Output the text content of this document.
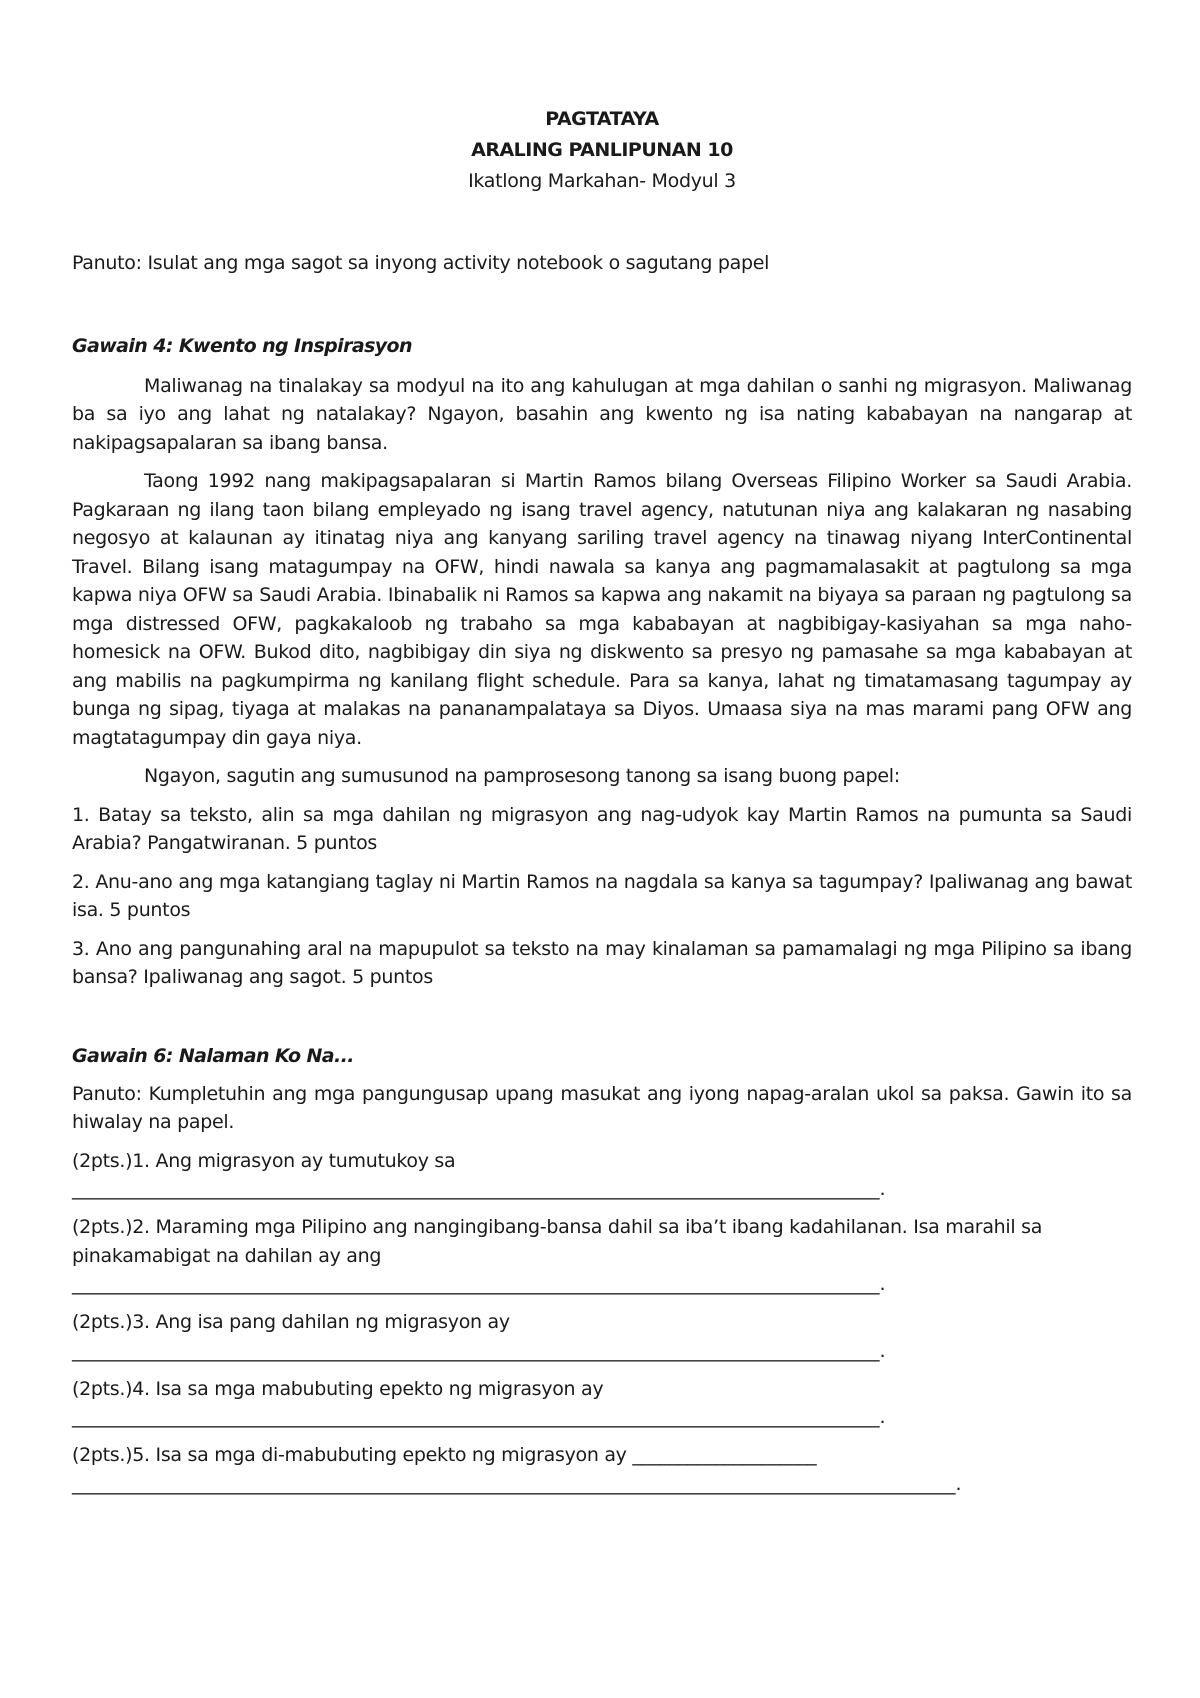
PAGTATAYA
ARALING PANLIPUNAN 10
Ikatlong Markahan- Modyul 3

Panuto: Isulat ang mga sagot sa inyong activity notebook o sagutang papel

Gawain 4: Kwento ng Inspirasyon

Maliwanag na tinalakay sa modyul na ito ang kahulugan at mga dahilan o sanhi ng migrasyon. Maliwanag ba sa iyo ang lahat ng natalakay? Ngayon, basahin ang kwento ng isa nating kababayan na nangarap at nakipagsapalaran sa ibang bansa.

Taong 1992 nang makipagsapalaran si Martin Ramos bilang Overseas Filipino Worker sa Saudi Arabia. Pagkaraan ng ilang taon bilang empleyado ng isang travel agency, natutunan niya ang kalakaran ng nasabing negosyo at kalaunan ay itinatag niya ang kanyang sariling travel agency na tinawag niyang InterContinental Travel. Bilang isang matagumpay na OFW, hindi nawala sa kanya ang pagmamalasakit at pagtulong sa mga kapwa niya OFW sa Saudi Arabia. Ibinabalik ni Ramos sa kapwa ang nakamit na biyaya sa paraan ng pagtulong sa mga distressed OFW, pagkakaloob ng trabaho sa mga kababayan at nagbibigay-kasiyahan sa mga naho-homesick na OFW. Bukod dito, nagbibigay din siya ng diskwento sa presyo ng pamasahe sa mga kababayan at ang mabilis na pagkumpirma ng kanilang flight schedule. Para sa kanya, lahat ng timatamasang tagumpay ay bunga ng sipag, tiyaga at malakas na pananampalataya sa Diyos. Umaasa siya na mas marami pang OFW ang magtatagumpay din gaya niya.

Ngayon, sagutin ang sumusunod na pamprosesong tanong sa isang buong papel:

1. Batay sa teksto, alin sa mga dahilan ng migrasyon ang nag-udyok kay Martin Ramos na pumunta sa Saudi Arabia? Pangatwiranan. 5 puntos

2. Anu-ano ang mga katangiang taglay ni Martin Ramos na nagdala sa kanya sa tagumpay? Ipaliwanag ang bawat isa. 5 puntos

3. Ano ang pangunahing aral na mapupulot sa teksto na may kinalaman sa pamamalagi ng mga Pilipino sa ibang bansa? Ipaliwanag ang sagot. 5 puntos

Gawain 6: Nalaman Ko Na...

Panuto: Kumpletuhin ang mga pangungusap upang masukat ang iyong napag-aralan ukol sa paksa. Gawin ito sa hiwalay na papel.

(2pts.)1. Ang migrasyon ay tumutukoy sa

_____________________________________________________________________________________.

(2pts.)2. Maraming mga Pilipino ang nangingibang-bansa dahil sa iba’t ibang kadahilanan. Isa marahil sa pinakamabigat na dahilan ay ang

_____________________________________________________________________________________.

(2pts.)3. Ang isa pang dahilan ng migrasyon ay

_____________________________________________________________________________________.

(2pts.)4. Isa sa mga mabubuting epekto ng migrasyon ay

_____________________________________________________________________________________.

(2pts.)5. Isa sa mga di-mabubuting epekto ng migrasyon ay ____________________

_____________________________________________________________________________________________.
